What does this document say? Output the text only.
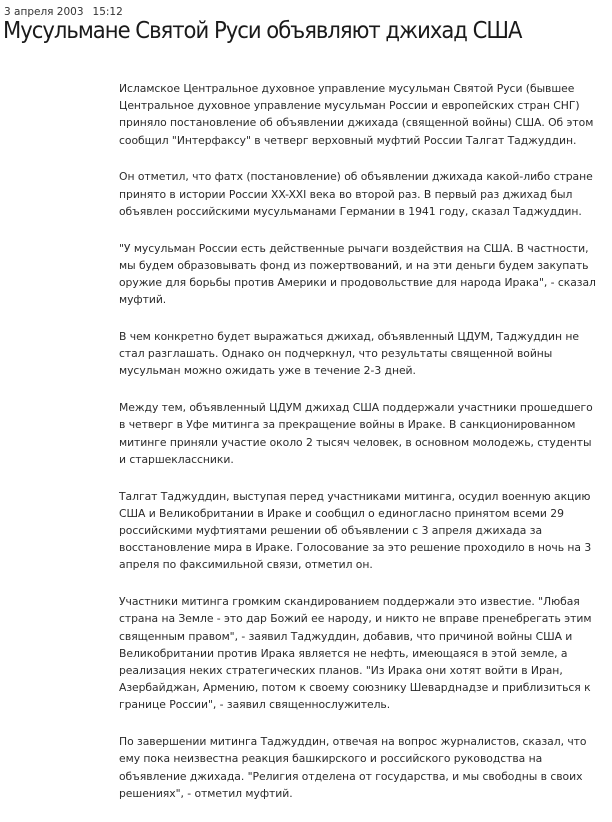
3 апреля 2003 15:12
Мусульмане Святой Руси объявляют джихад США

Исламское Центральное духовное управление мусульман Святой Руси (бывшее Центральное духовное управление мусульман России и европейских стран СНГ) приняло постановление об объявлении джихада (священной войны) США. Об этом сообщил "Интерфаксу" в четверг верховный муфтий России Талгат Таджуддин.

Он отметил, что фатх (постановление) об объявлении джихада какой-либо стране принято в истории России XX-XXI века во второй раз. В первый раз джихад был объявлен российскими мусульманами Германии в 1941 году, сказал Таджуддин.

"У мусульман России есть действенные рычаги воздействия на США. В частности, мы будем образовывать фонд из пожертвований, и на эти деньги будем закупать оружие для борьбы против Америки и продовольствие для народа Ирака", - сказал муфтий.

В чем конкретно будет выражаться джихад, объявленный ЦДУМ, Таджуддин не стал разглашать. Однако он подчеркнул, что результаты священной войны мусульман можно ожидать уже в течение 2-3 дней.

Между тем, объявленный ЦДУМ джихад США поддержали участники прошедшего в четверг в Уфе митинга за прекращение войны в Ираке. В санкционированном митинге приняли участие около 2 тысяч человек, в основном молодежь, студенты и старшеклассники.

Талгат Таджуддин, выступая перед участниками митинга, осудил военную акцию США и Великобритании в Ираке и сообщил о единогласно принятом всеми 29 российскими муфтиятами решении об объявлении с 3 апреля джихада за восстановление мира в Ираке. Голосование за это решение проходило в ночь на 3 апреля по факсимильной связи, отметил он.

Участники митинга громким скандированием поддержали это известие. "Любая страна на Земле - это дар Божий ее народу, и никто не вправе пренебрегать этим священным правом", - заявил Таджуддин, добавив, что причиной войны США и Великобритании против Ирака является не нефть, имеющаяся в этой земле, а реализация неких стратегических планов. "Из Ирака они хотят войти в Иран, Азербайджан, Армению, потом к своему союзнику Шеварднадзе и приблизиться к границе России", - заявил священнослужитель.

По завершении митинга Таджуддин, отвечая на вопрос журналистов, сказал, что ему пока неизвестна реакция башкирского и российского руководства на объявление джихада. "Религия отделена от государства, и мы свободны в своих решениях", - отметил муфтий.
